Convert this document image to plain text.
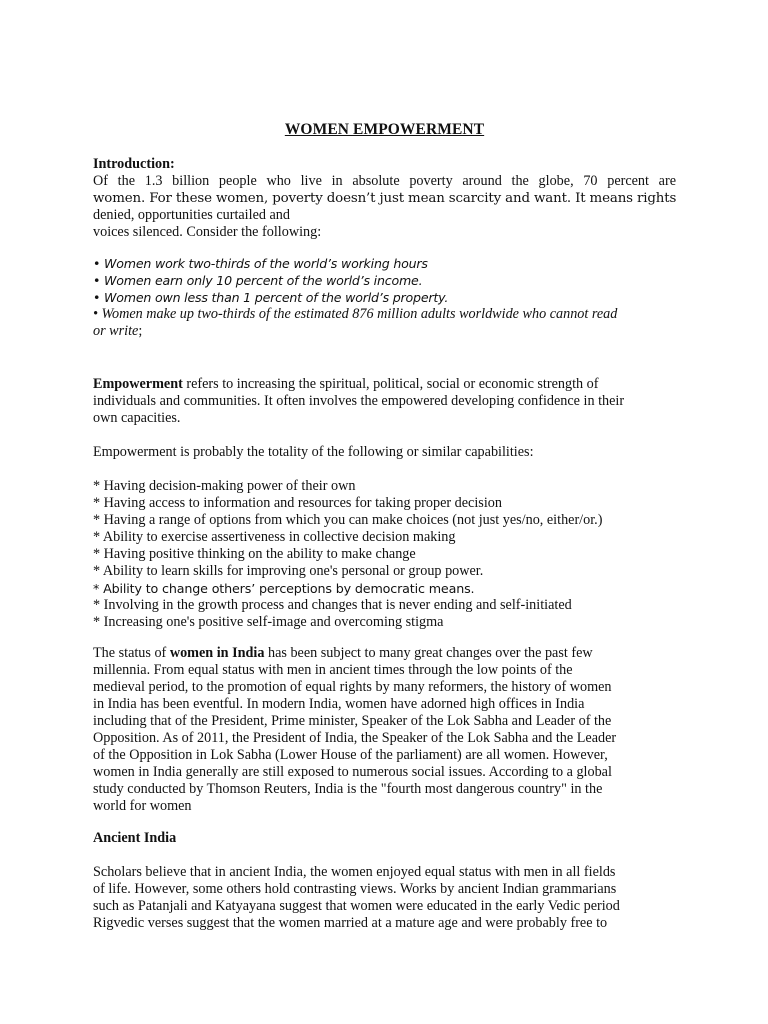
WOMEN EMPOWERMENT
Introduction:
Of the 1.3 billion people who live in absolute poverty around the globe, 70 percent are
women. For these women, poverty doesn’t just mean scarcity and want. It means rights
denied, opportunities curtailed and
voices silenced. Consider the following:
• Women work two-thirds of the world’s working hours
• Women earn only 10 percent of the world’s income.
• Women own less than 1 percent of the world’s property.
• Women make up two-thirds of the estimated 876 million adults worldwide who cannot read
or write;
Empowerment refers to increasing the spiritual, political, social or economic strength of
individuals and communities. It often involves the empowered developing confidence in their
own capacities.
Empowerment is probably the totality of the following or similar capabilities:
* Having decision-making power of their own
* Having access to information and resources for taking proper decision
* Having a range of options from which you can make choices (not just yes/no, either/or.)
* Ability to exercise assertiveness in collective decision making
* Having positive thinking on the ability to make change
* Ability to learn skills for improving one's personal or group power.
* Ability to change others’ perceptions by democratic means.
* Involving in the growth process and changes that is never ending and self-initiated
* Increasing one's positive self-image and overcoming stigma
The status of women in India has been subject to many great changes over the past few
millennia. From equal status with men in ancient times through the low points of the
medieval period, to the promotion of equal rights by many reformers, the history of women
in India has been eventful. In modern India, women have adorned high offices in India
including that of the President, Prime minister, Speaker of the Lok Sabha and Leader of the
Opposition. As of 2011, the President of India, the Speaker of the Lok Sabha and the Leader
of the Opposition in Lok Sabha (Lower House of the parliament) are all women. However,
women in India generally are still exposed to numerous social issues. According to a global
study conducted by Thomson Reuters, India is the "fourth most dangerous country" in the
world for women
Ancient India
Scholars believe that in ancient India, the women enjoyed equal status with men in all fields
of life. However, some others hold contrasting views. Works by ancient Indian grammarians
such as Patanjali and Katyayana suggest that women were educated in the early Vedic period
Rigvedic verses suggest that the women married at a mature age and were probably free to
